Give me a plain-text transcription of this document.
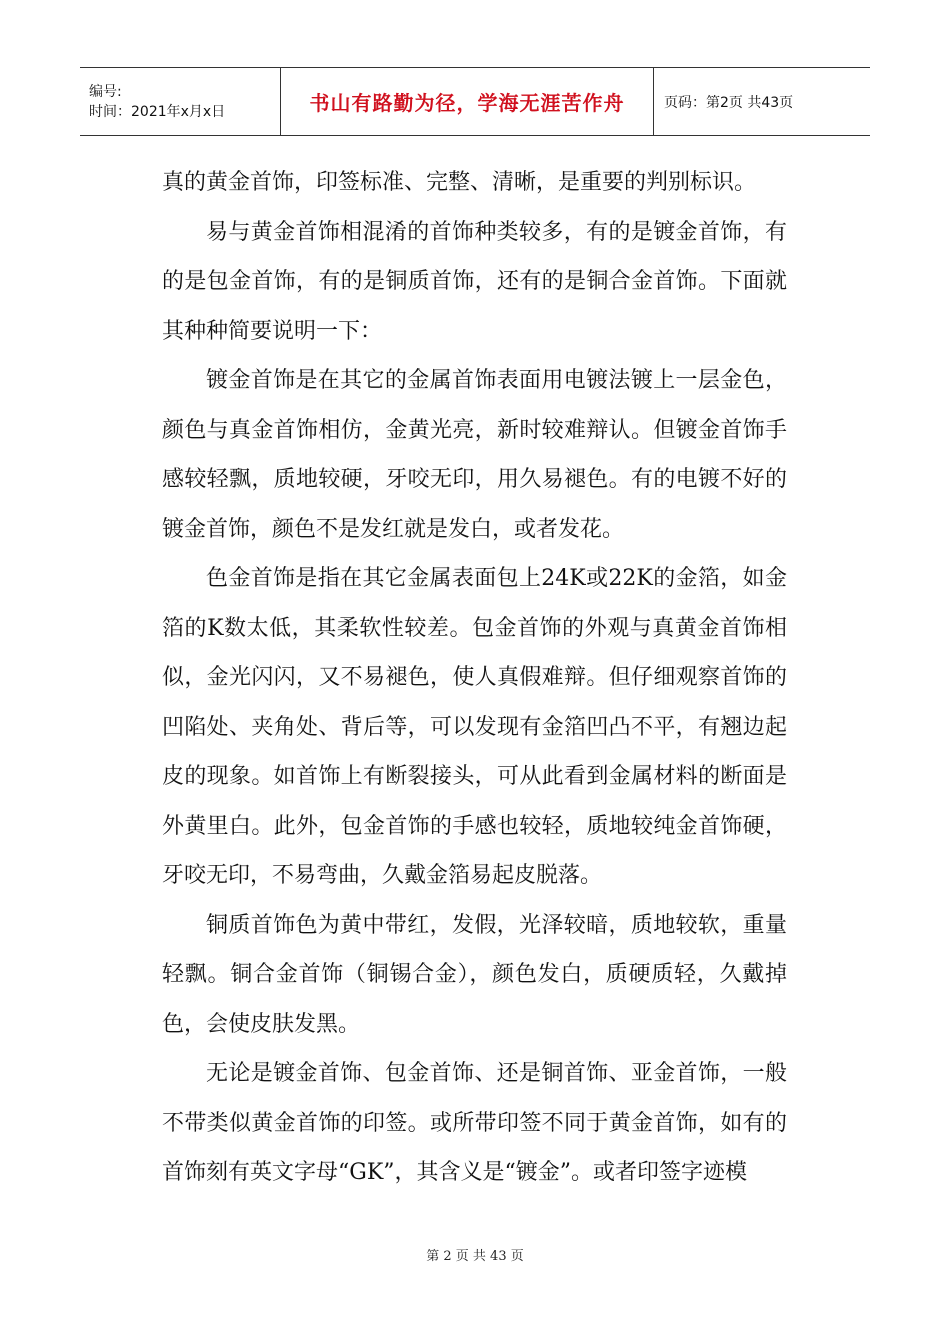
编号:
时间：2021年x月x日	书山有路勤为径，学海无涯苦作舟	页码：第2页 共43页

真的黄金首饰，印签标准、完整、清晰，是重要的判别标识。

易与黄金首饰相混淆的首饰种类较多，有的是镀金首饰，有的是包金首饰，有的是铜质首饰，还有的是铜合金首饰。下面就其种种简要说明一下：

镀金首饰是在其它的金属首饰表面用电镀法镀上一层金色，颜色与真金首饰相仿，金黄光亮，新时较难辩认。但镀金首饰手感较轻飘，质地较硬，牙咬无印，用久易褪色。有的电镀不好的镀金首饰，颜色不是发红就是发白，或者发花。

色金首饰是指在其它金属表面包上24K或22K的金箔，如金箔的K数太低，其柔软性较差。包金首饰的外观与真黄金首饰相似，金光闪闪，又不易褪色，使人真假难辩。但仔细观察首饰的凹陷处、夹角处、背后等，可以发现有金箔凹凸不平，有翘边起皮的现象。如首饰上有断裂接头，可从此看到金属材料的断面是外黄里白。此外，包金首饰的手感也较轻，质地较纯金首饰硬，牙咬无印，不易弯曲，久戴金箔易起皮脱落。

铜质首饰色为黄中带红，发假，光泽较暗，质地较软，重量轻飘。铜合金首饰（铜锡合金），颜色发白，质硬质轻，久戴掉色，会使皮肤发黑。

无论是镀金首饰、包金首饰、还是铜首饰、亚金首饰，一般不带类似黄金首饰的印签。或所带印签不同于黄金首饰，如有的首饰刻有英文字母“GK”，其含义是“镀金”。或者印签字迹模

第 2 页 共 43 页
